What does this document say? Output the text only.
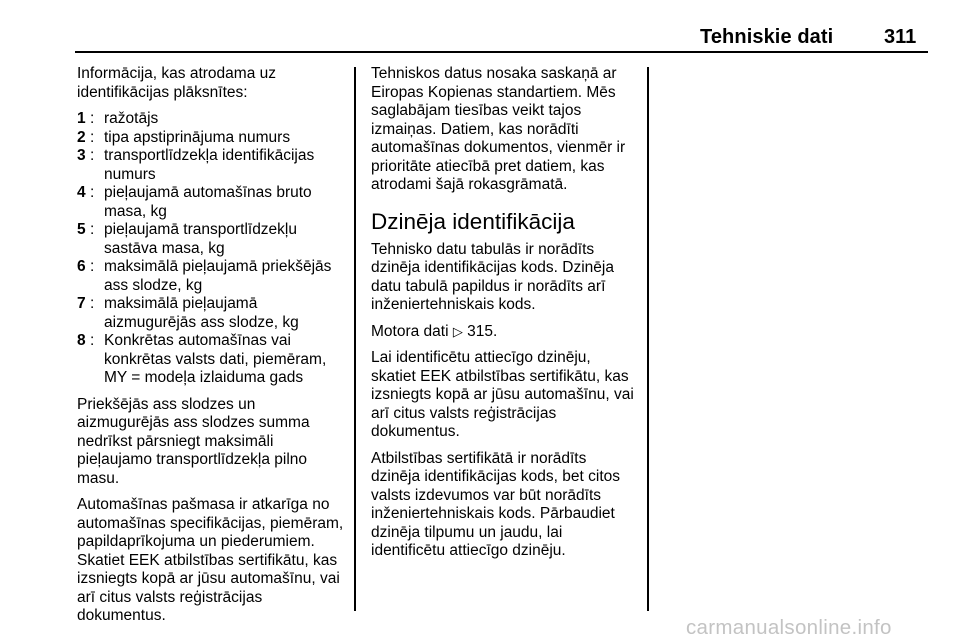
Tehniskie dati	311

Informācija, kas atrodama uz identifikācijas plāksnītes:

1 : ražotājs
2 : tipa apstiprinājuma numurs
3 : transportlīdzekļa identifikācijas numurs
4 : pieļaujamā automašīnas bruto masa, kg
5 : pieļaujamā transportlīdzekļu sastāva masa, kg
6 : maksimālā pieļaujamā priekšējās ass slodze, kg
7 : maksimālā pieļaujamā aizmugurējās ass slodze, kg
8 : Konkrētas automašīnas vai konkrētas valsts dati, piemēram, MY = modeļa izlaiduma gads

Priekšējās ass slodzes un aizmugurējās ass slodzes summa nedrīkst pārsniegt maksimāli pieļaujamo transportlīdzekļa pilno masu.

Automašīnas pašmasa ir atkarīga no automašīnas specifikācijas, piemēram, papildaprīkojuma un piederumiem. Skatiet EEK atbilstības sertifikātu, kas izsniegts kopā ar jūsu automašīnu, vai arī citus valsts reģistrācijas dokumentus.

Tehniskos datus nosaka saskaņā ar Eiropas Kopienas standartiem. Mēs saglabājam tiesības veikt tajos izmaiņas. Datiem, kas norādīti automašīnas dokumentos, vienmēr ir prioritāte atiecībā pret datiem, kas atrodami šajā rokasgrāmatā.

Dzinēja identifikācija

Tehnisko datu tabulās ir norādīts dzinēja identifikācijas kods. Dzinēja datu tabulā papildus ir norādīts arī inženiertehniskais kods.

Motora dati ▷ 315.

Lai identificētu attiecīgo dzinēju, skatiet EEK atbilstības sertifikātu, kas izsniegts kopā ar jūsu automašīnu, vai arī citus valsts reģistrācijas dokumentus.

Atbilstības sertifikātā ir norādīts dzinēja identifikācijas kods, bet citos valsts izdevumos var būt norādīts inženiertehniskais kods. Pārbaudiet dzinēja tilpumu un jaudu, lai identificētu attiecīgo dzinēju.

carmanualsonline.info
